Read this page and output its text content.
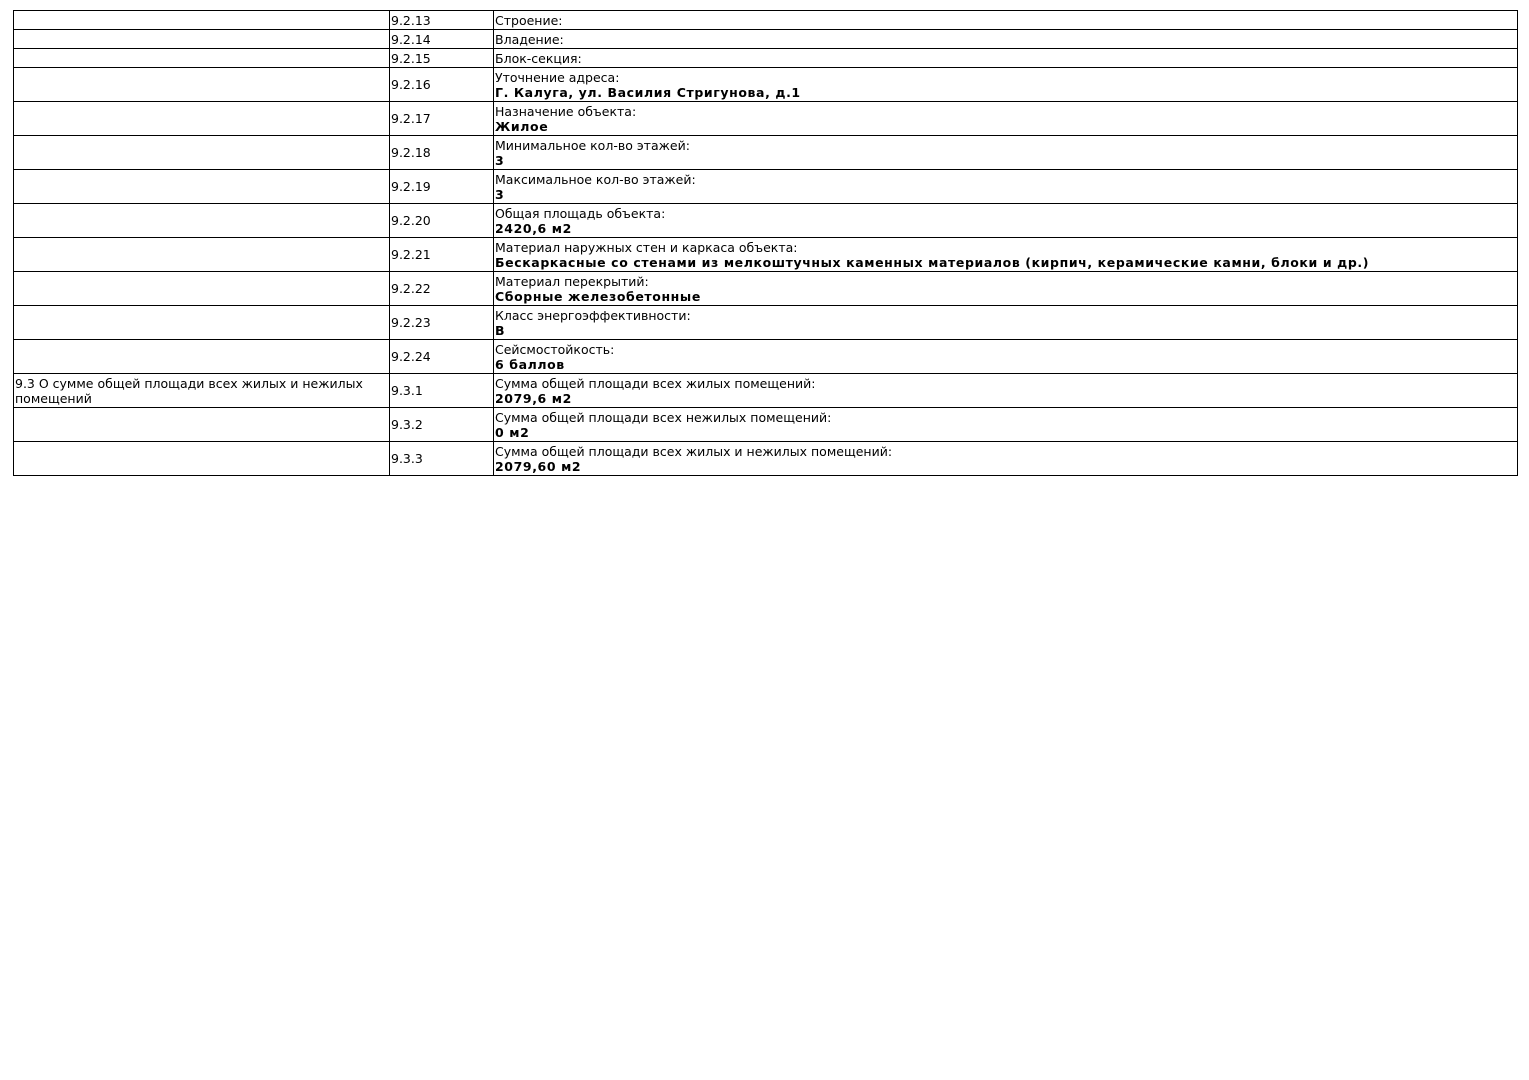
	9.2.13	Строение:

	9.2.14	Владение:

	9.2.15	Блок-секция:

	9.2.16	Уточнение адреса:
Г. Калуга, ул. Василия Стригунова, д.1

	9.2.17	Назначение объекта:
Жилое

	9.2.18	Минимальное кол-во этажей:
3

	9.2.19	Максимальное кол-во этажей:
3

	9.2.20	Общая площадь объекта:
2420,6 м2

	9.2.21	Материал наружных стен и каркаса объекта:
Бескаркасные со стенами из мелкоштучных каменных материалов (кирпич, керамические камни, блоки и др.)

	9.2.22	Материал перекрытий:
Сборные железобетонные

	9.2.23	Класс энергоэффективности:
B

	9.2.24	Сейсмостойкость:
6 баллов

9.3 О сумме общей площади всех жилых и нежилых помещений	9.3.1	Сумма общей площади всех жилых помещений:
2079,6 м2

	9.3.2	Сумма общей площади всех нежилых помещений:
0 м2

	9.3.3	Сумма общей площади всех жилых и нежилых помещений:
2079,60 м2
